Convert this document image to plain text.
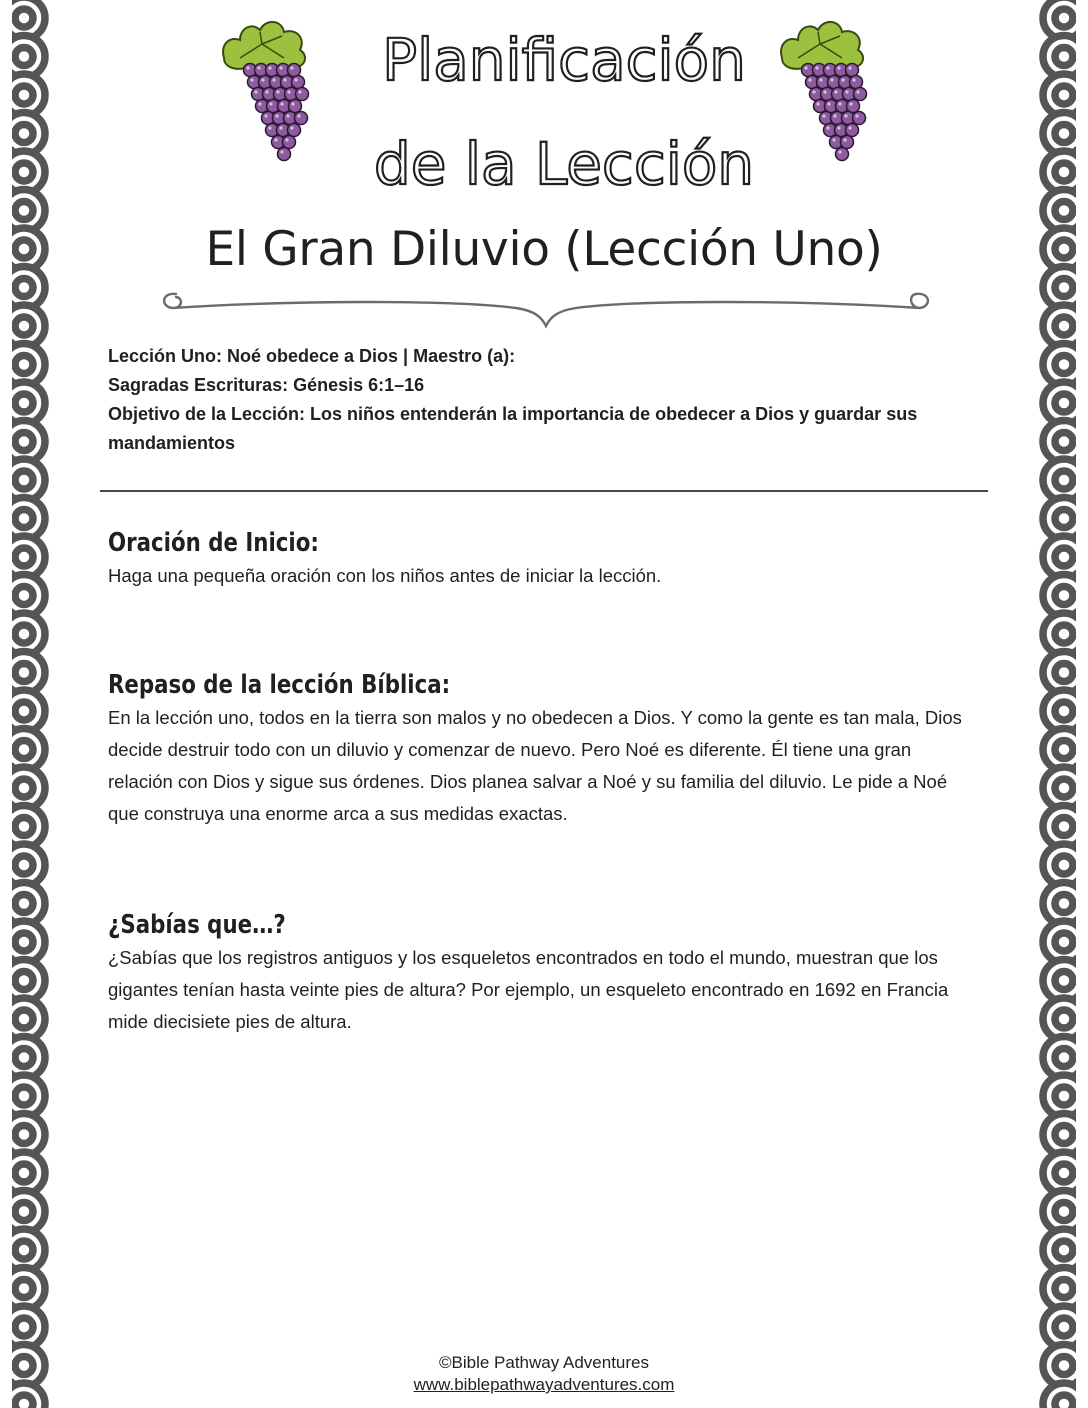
Planificación
de la Lección
El Gran Diluvio (Lección Uno)

Lección Uno: Noé obedece a Dios | Maestro (a):

Sagradas Escrituras: Génesis 6:1–16

Objetivo de la Lección: Los niños entenderán la importancia de obedecer a Dios y guardar sus mandamientos

Oración de Inicio:

Haga una pequeña oración con los niños antes de iniciar la lección.

Repaso de la lección Bíblica:

En la lección uno, todos en la tierra son malos y no obedecen a Dios. Y como la gente es tan mala, Dios decide destruir todo con un diluvio y comenzar de nuevo. Pero Noé es diferente. Él tiene una gran relación con Dios y sigue sus órdenes. Dios planea salvar a Noé y su familia del diluvio. Le pide a Noé que construya una enorme arca a sus medidas exactas.

¿Sabías que…?

¿Sabías que los registros antiguos y los esqueletos encontrados en todo el mundo, muestran que los gigantes tenían hasta veinte pies de altura? Por ejemplo, un esqueleto encontrado en 1692 en Francia mide diecisiete pies de altura.

©Bible Pathway Adventures
www.biblepathwayadventures.com
